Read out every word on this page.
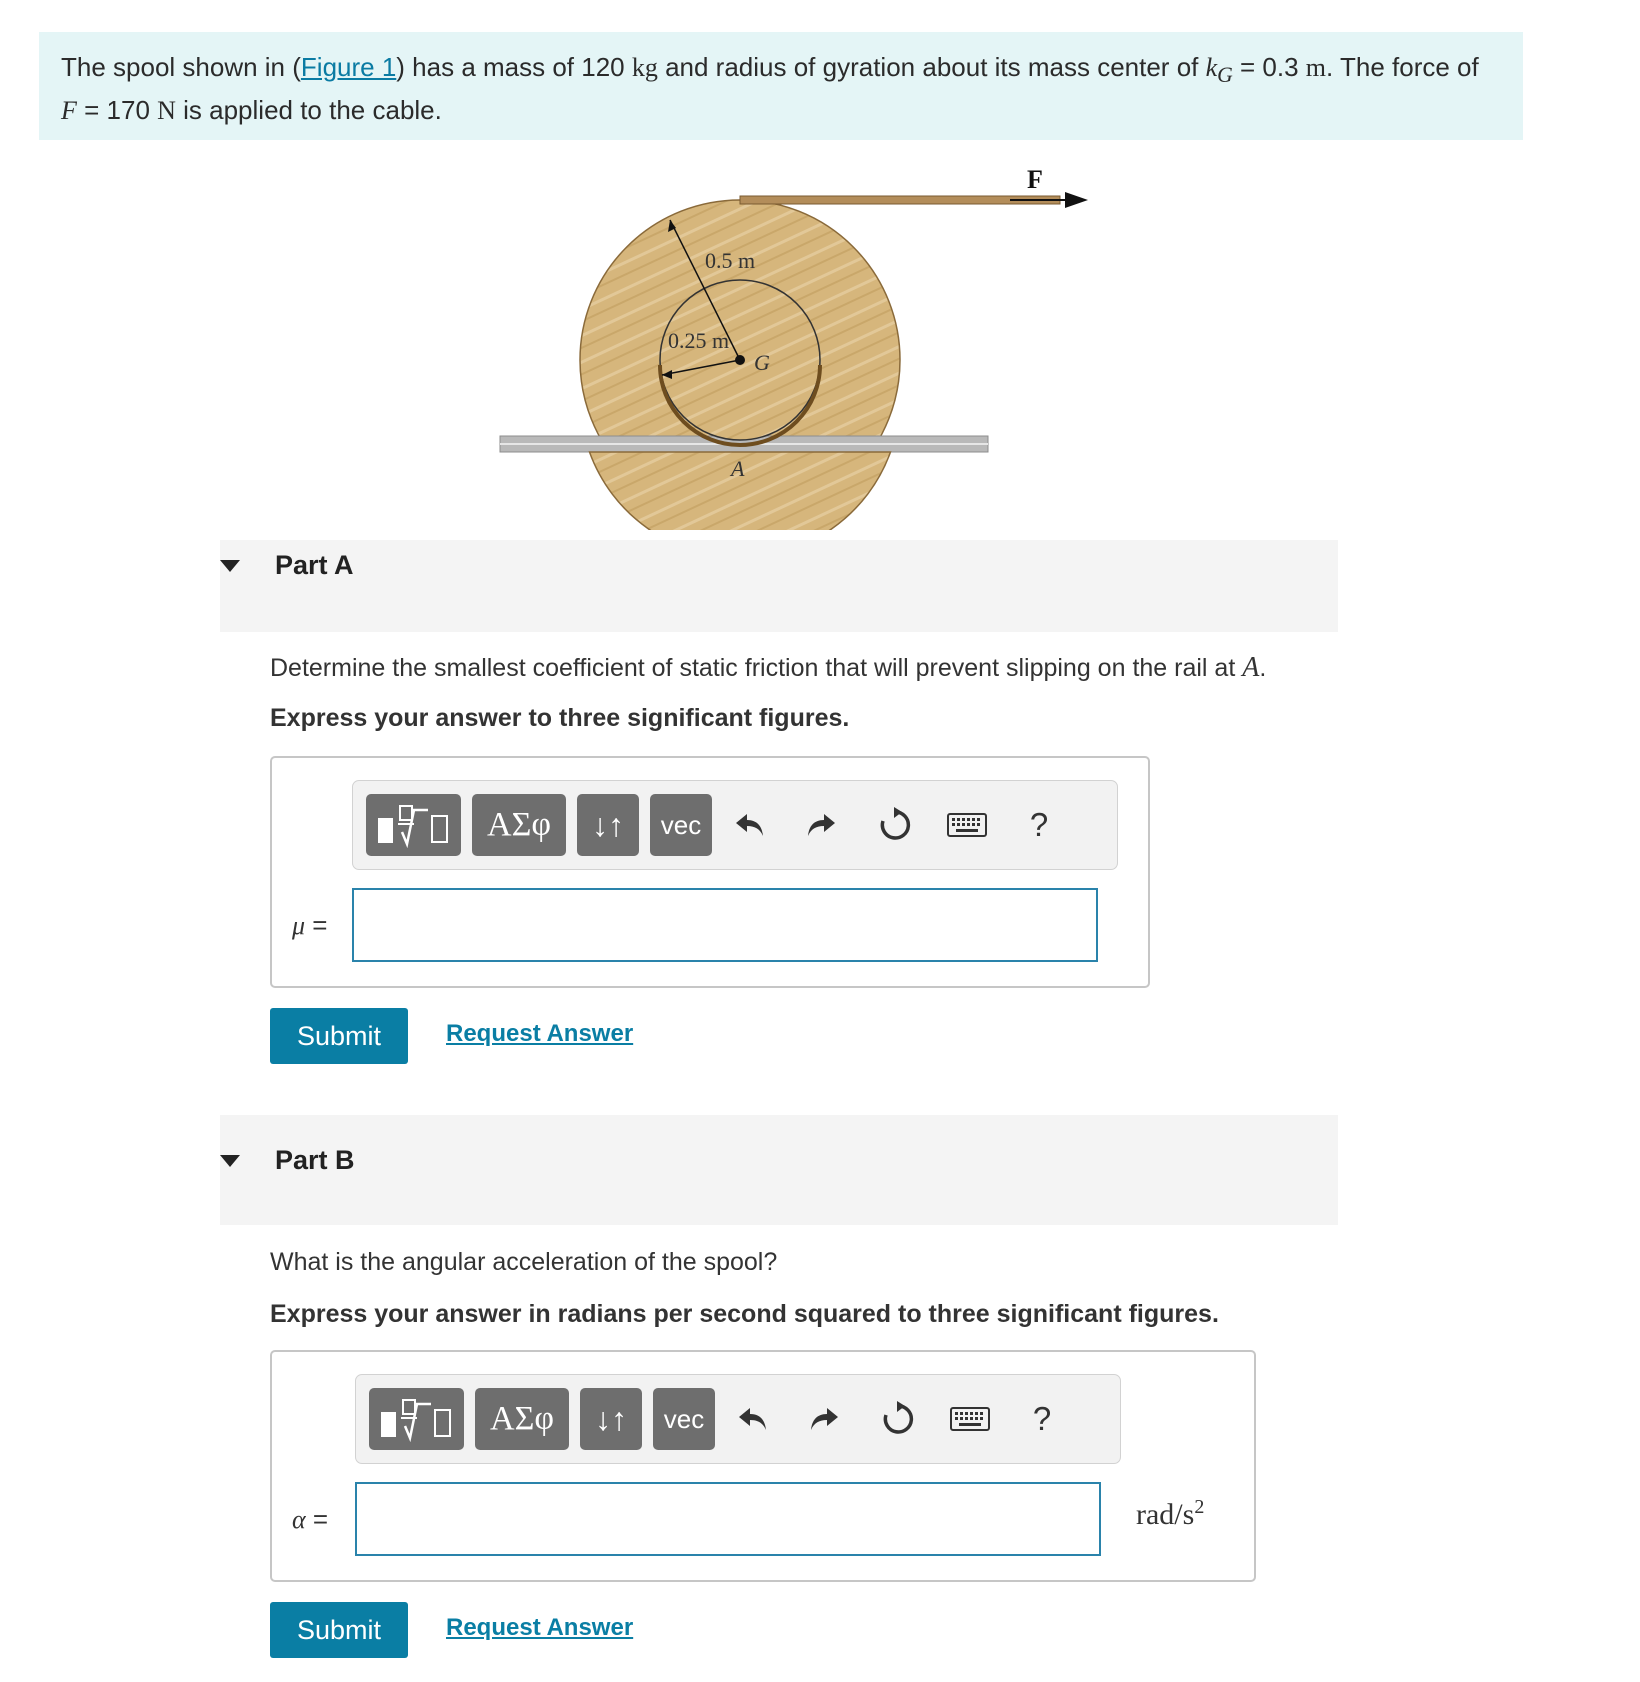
The spool shown in (Figure 1) has a mass of 120 kg and radius of gyration about its mass center of $k_G = 0.3$ m. The force of
F = 170 N is applied to the cable.
F
0.5 m
0.25 m
G
A
Part A
Determine the smallest coefficient of static friction that will prevent slipping on the rail at A.
Express your answer to three significant figures.
ΑΣφ	↓↑	vec	?
μ =
Submit	Request Answer
Part B
What is the angular acceleration of the spool?
Express your answer in radians per second squared to three significant figures.
ΑΣφ	↓↑	vec	?
α =	rad/$s^2$
Submit	Request Answer
